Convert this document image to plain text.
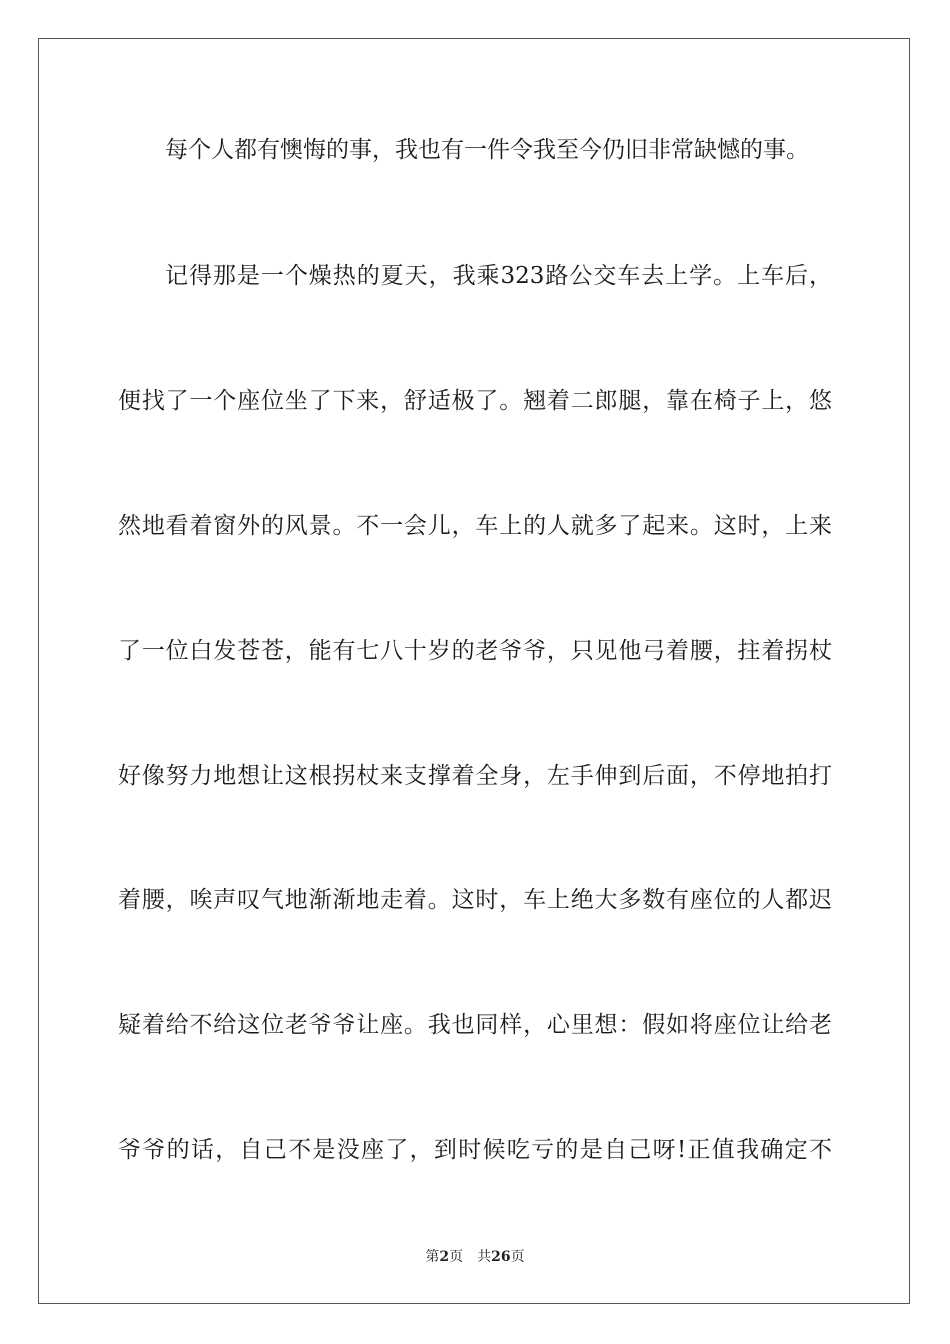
每个人都有懊悔的事，我也有一件令我至今仍旧非常缺憾的事。
记得那是一个燥热的夏天，我乘323路公交车去上学。上车后，
便找了一个座位坐了下来，舒适极了。翘着二郎腿，靠在椅子上，悠
然地看着窗外的风景。不一会儿，车上的人就多了起来。这时，上来
了一位白发苍苍，能有七八十岁的老爷爷，只见他弓着腰，拄着拐杖
好像努力地想让这根拐杖来支撑着全身，左手伸到后面，不停地拍打
着腰，唉声叹气地渐渐地走着。这时，车上绝大多数有座位的人都迟
疑着给不给这位老爷爷让座。我也同样，心里想：假如将座位让给老
爷爷的话，自己不是没座了，到时候吃亏的是自己呀!正值我确定不
第2页 共26页
